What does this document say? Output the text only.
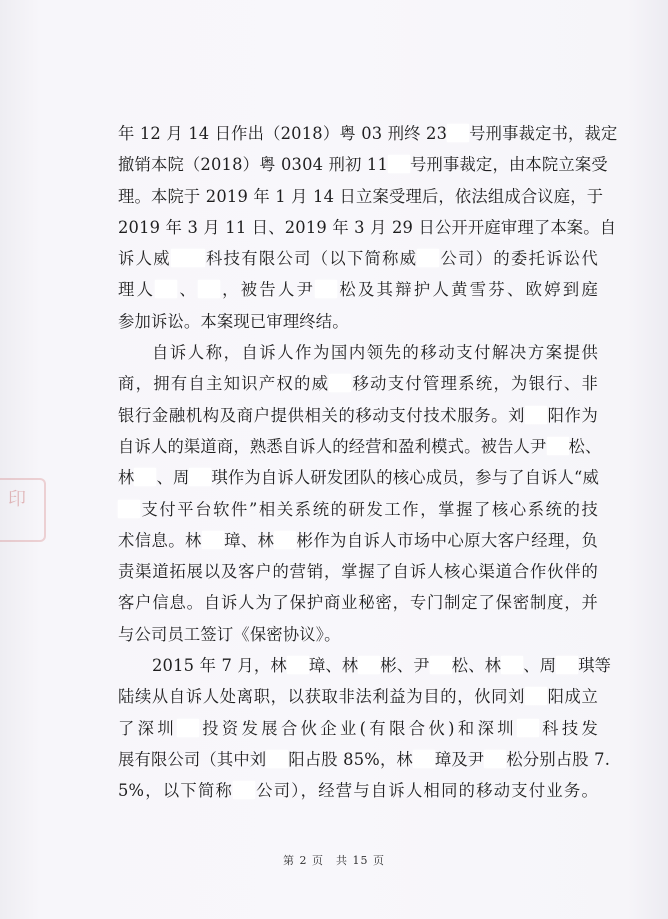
印
年 12 月 14 日作出（2018）粤 03 刑终 23 号刑事裁定书，裁定
撤销本院（2018）粤 0304 刑初 11 号刑事裁定，由本院立案受
理。本院于 2019 年 1 月 14 日立案受理后，依法组成合议庭，于
2019 年 3 月 11 日、2019 年 3 月 29 日公开开庭审理了本案。自
诉人威 科技有限公司（以下简称威 公司）的委托诉讼代
理人 、 ，被告人尹 松及其辩护人黄雪芬、欧婷到庭
参加诉讼。本案现已审理终结。
自诉人称，自诉人作为国内领先的移动支付解决方案提供
商，拥有自主知识产权的威 移动支付管理系统，为银行、非
银行金融机构及商户提供相关的移动支付技术服务。刘 阳作为
自诉人的渠道商，熟悉自诉人的经营和盈利模式。被告人尹 松、
林 、周 琪作为自诉人研发团队的核心成员，参与了自诉人“威
支付平台软件”相关系统的研发工作，掌握了核心系统的技
术信息。林 璋、林 彬作为自诉人市场中心原大客户经理，负
责渠道拓展以及客户的营销，掌握了自诉人核心渠道合作伙伴的
客户信息。自诉人为了保护商业秘密，专门制定了保密制度，并
与公司员工签订《保密协议》。
2015 年 7 月，林 璋、林 彬、尹 松、林 、周 琪等
陆续从自诉人处离职，以获取非法利益为目的，伙同刘 阳成立
了深圳 投资发展合伙企业(有限合伙)和深圳 科技发
展有限公司（其中刘 阳占股 85%，林 璋及尹 松分别占股 7.
5%，以下简称 公司），经营与自诉人相同的移动支付业务。
第 2 页　共 15 页
